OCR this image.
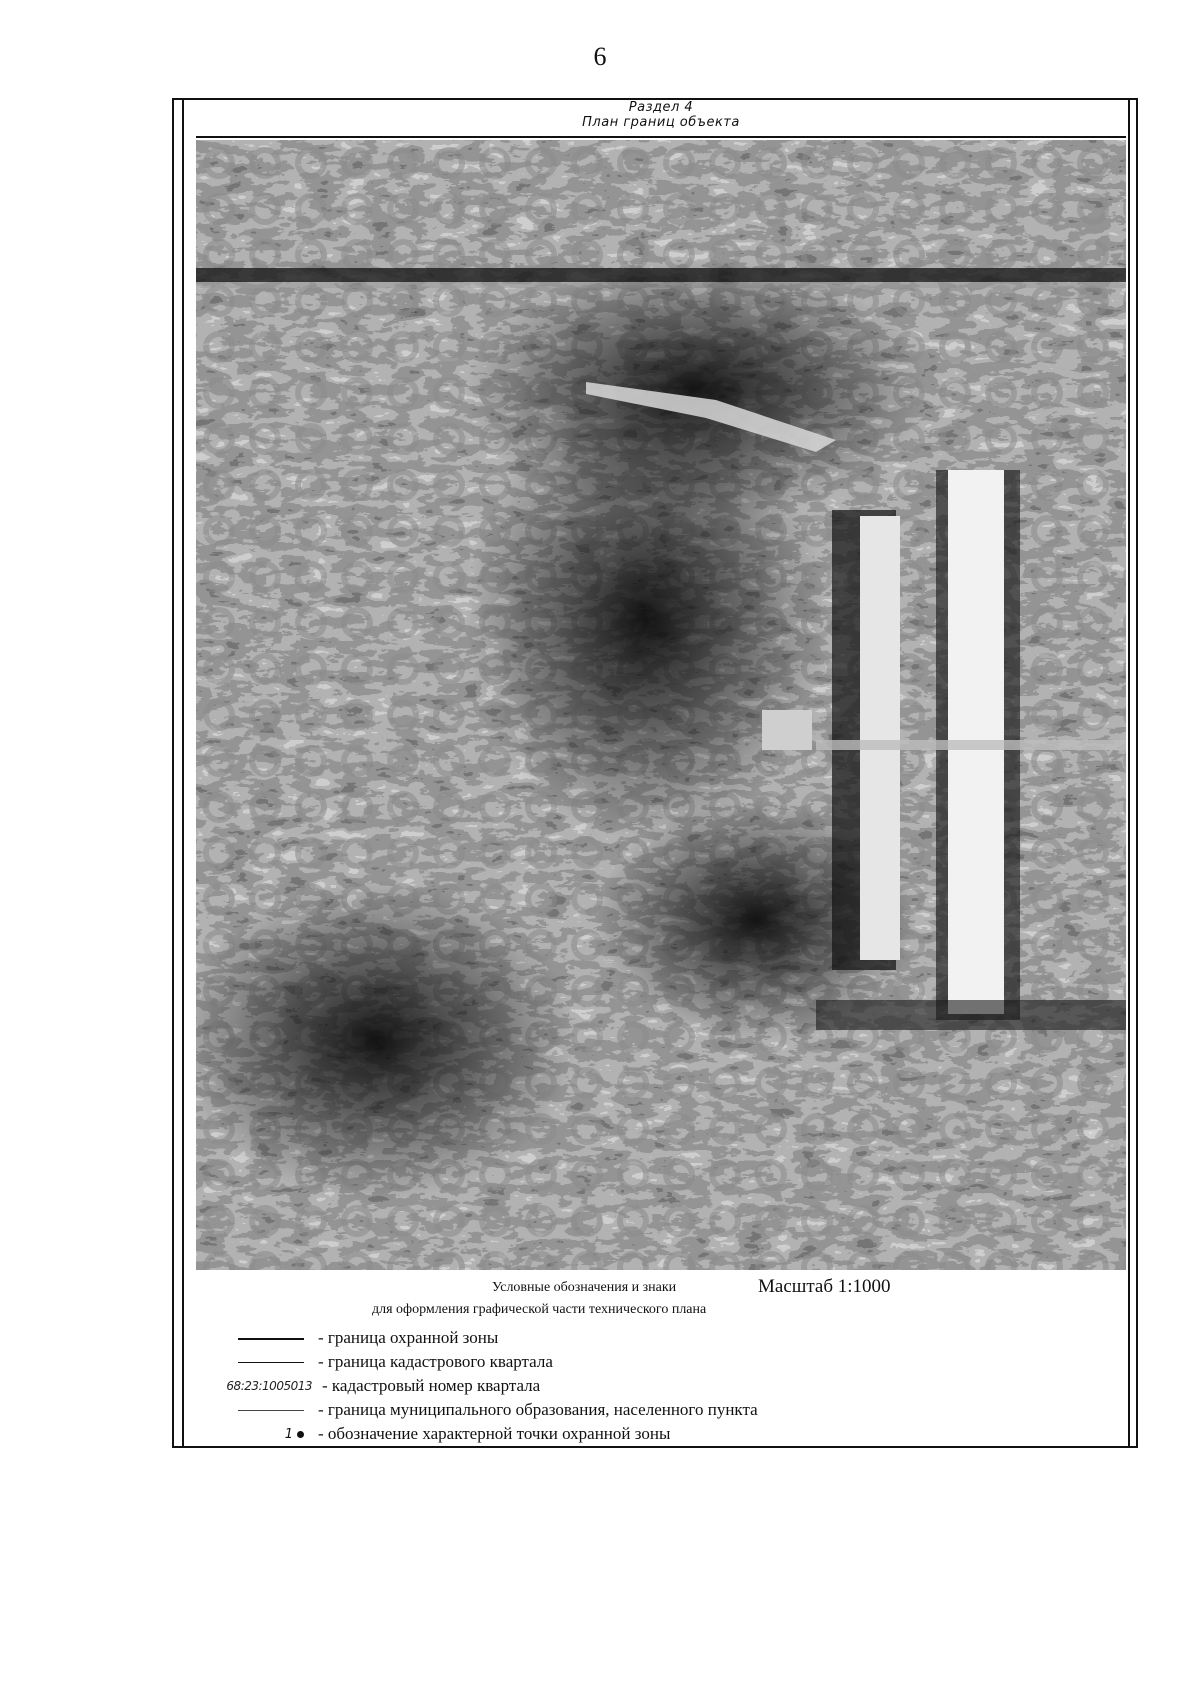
6
Раздел 4
План границ объекта
Условные обозначения и знаки	Масштаб 1:1000
для оформления графической части технического плана
- граница охранной зоны
- граница кадастрового квартала
68:23:1005013 - кадастровый номер квартала
- граница муниципального образования, населенного пункта
1	- обозначение характерной точки охранной зоны
